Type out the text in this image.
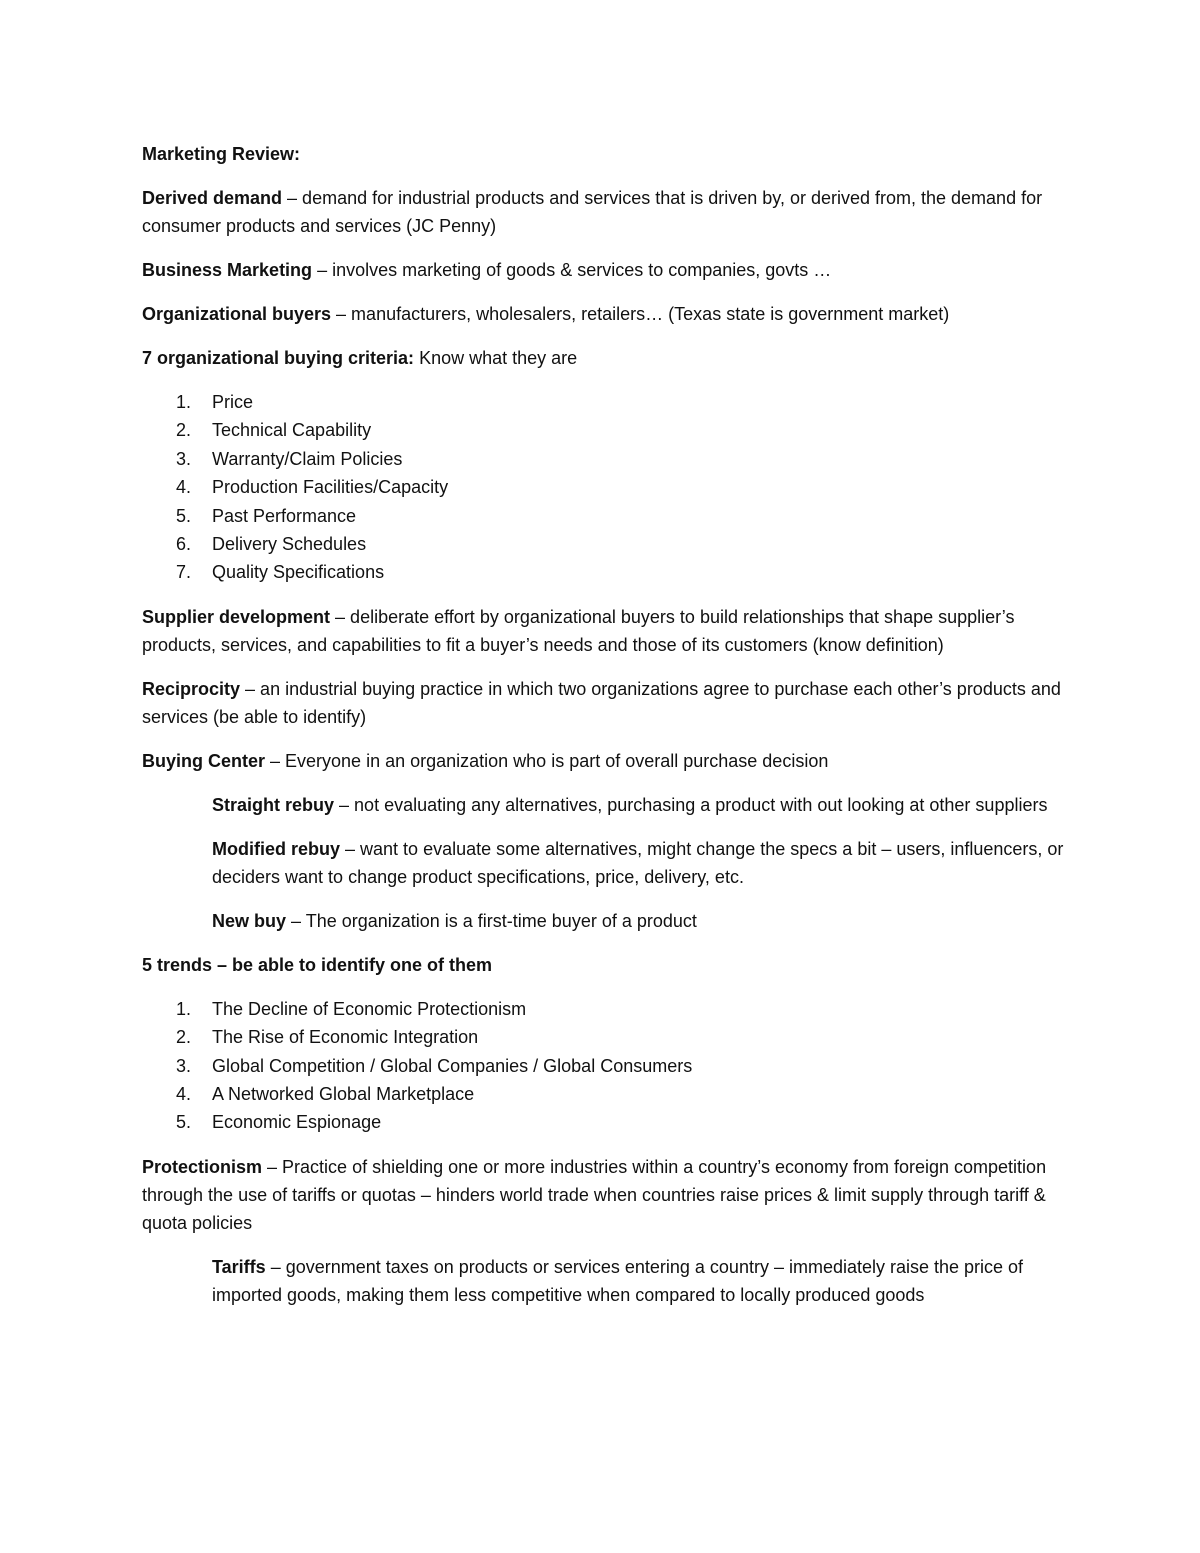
Marketing Review:

Derived demand – demand for industrial products and services that is driven by, or derived from, the demand for consumer products and services (JC Penny)

Business Marketing – involves marketing of goods & services to companies, govts …

Organizational buyers – manufacturers, wholesalers, retailers… (Texas state is government market)

7 organizational buying criteria: Know what they are

1. Price
2. Technical Capability
3. Warranty/Claim Policies
4. Production Facilities/Capacity
5. Past Performance
6. Delivery Schedules
7. Quality Specifications

Supplier development – deliberate effort by organizational buyers to build relationships that shape supplier’s products, services, and capabilities to fit a buyer’s needs and those of its customers (know definition)

Reciprocity – an industrial buying practice in which two organizations agree to purchase each other’s products and services (be able to identify)

Buying Center – Everyone in an organization who is part of overall purchase decision

Straight rebuy – not evaluating any alternatives, purchasing a product with out looking at other suppliers

Modified rebuy – want to evaluate some alternatives, might change the specs a bit – users, influencers, or deciders want to change product specifications, price, delivery, etc.

New buy – The organization is a first-time buyer of a product

5 trends – be able to identify one of them

1. The Decline of Economic Protectionism
2. The Rise of Economic Integration
3. Global Competition / Global Companies / Global Consumers
4. A Networked Global Marketplace
5. Economic Espionage

Protectionism – Practice of shielding one or more industries within a country’s economy from foreign competition through the use of tariffs or quotas – hinders world trade when countries raise prices & limit supply through tariff & quota policies

Tariffs – government taxes on products or services entering a country – immediately raise the price of imported goods, making them less competitive when compared to locally produced goods
